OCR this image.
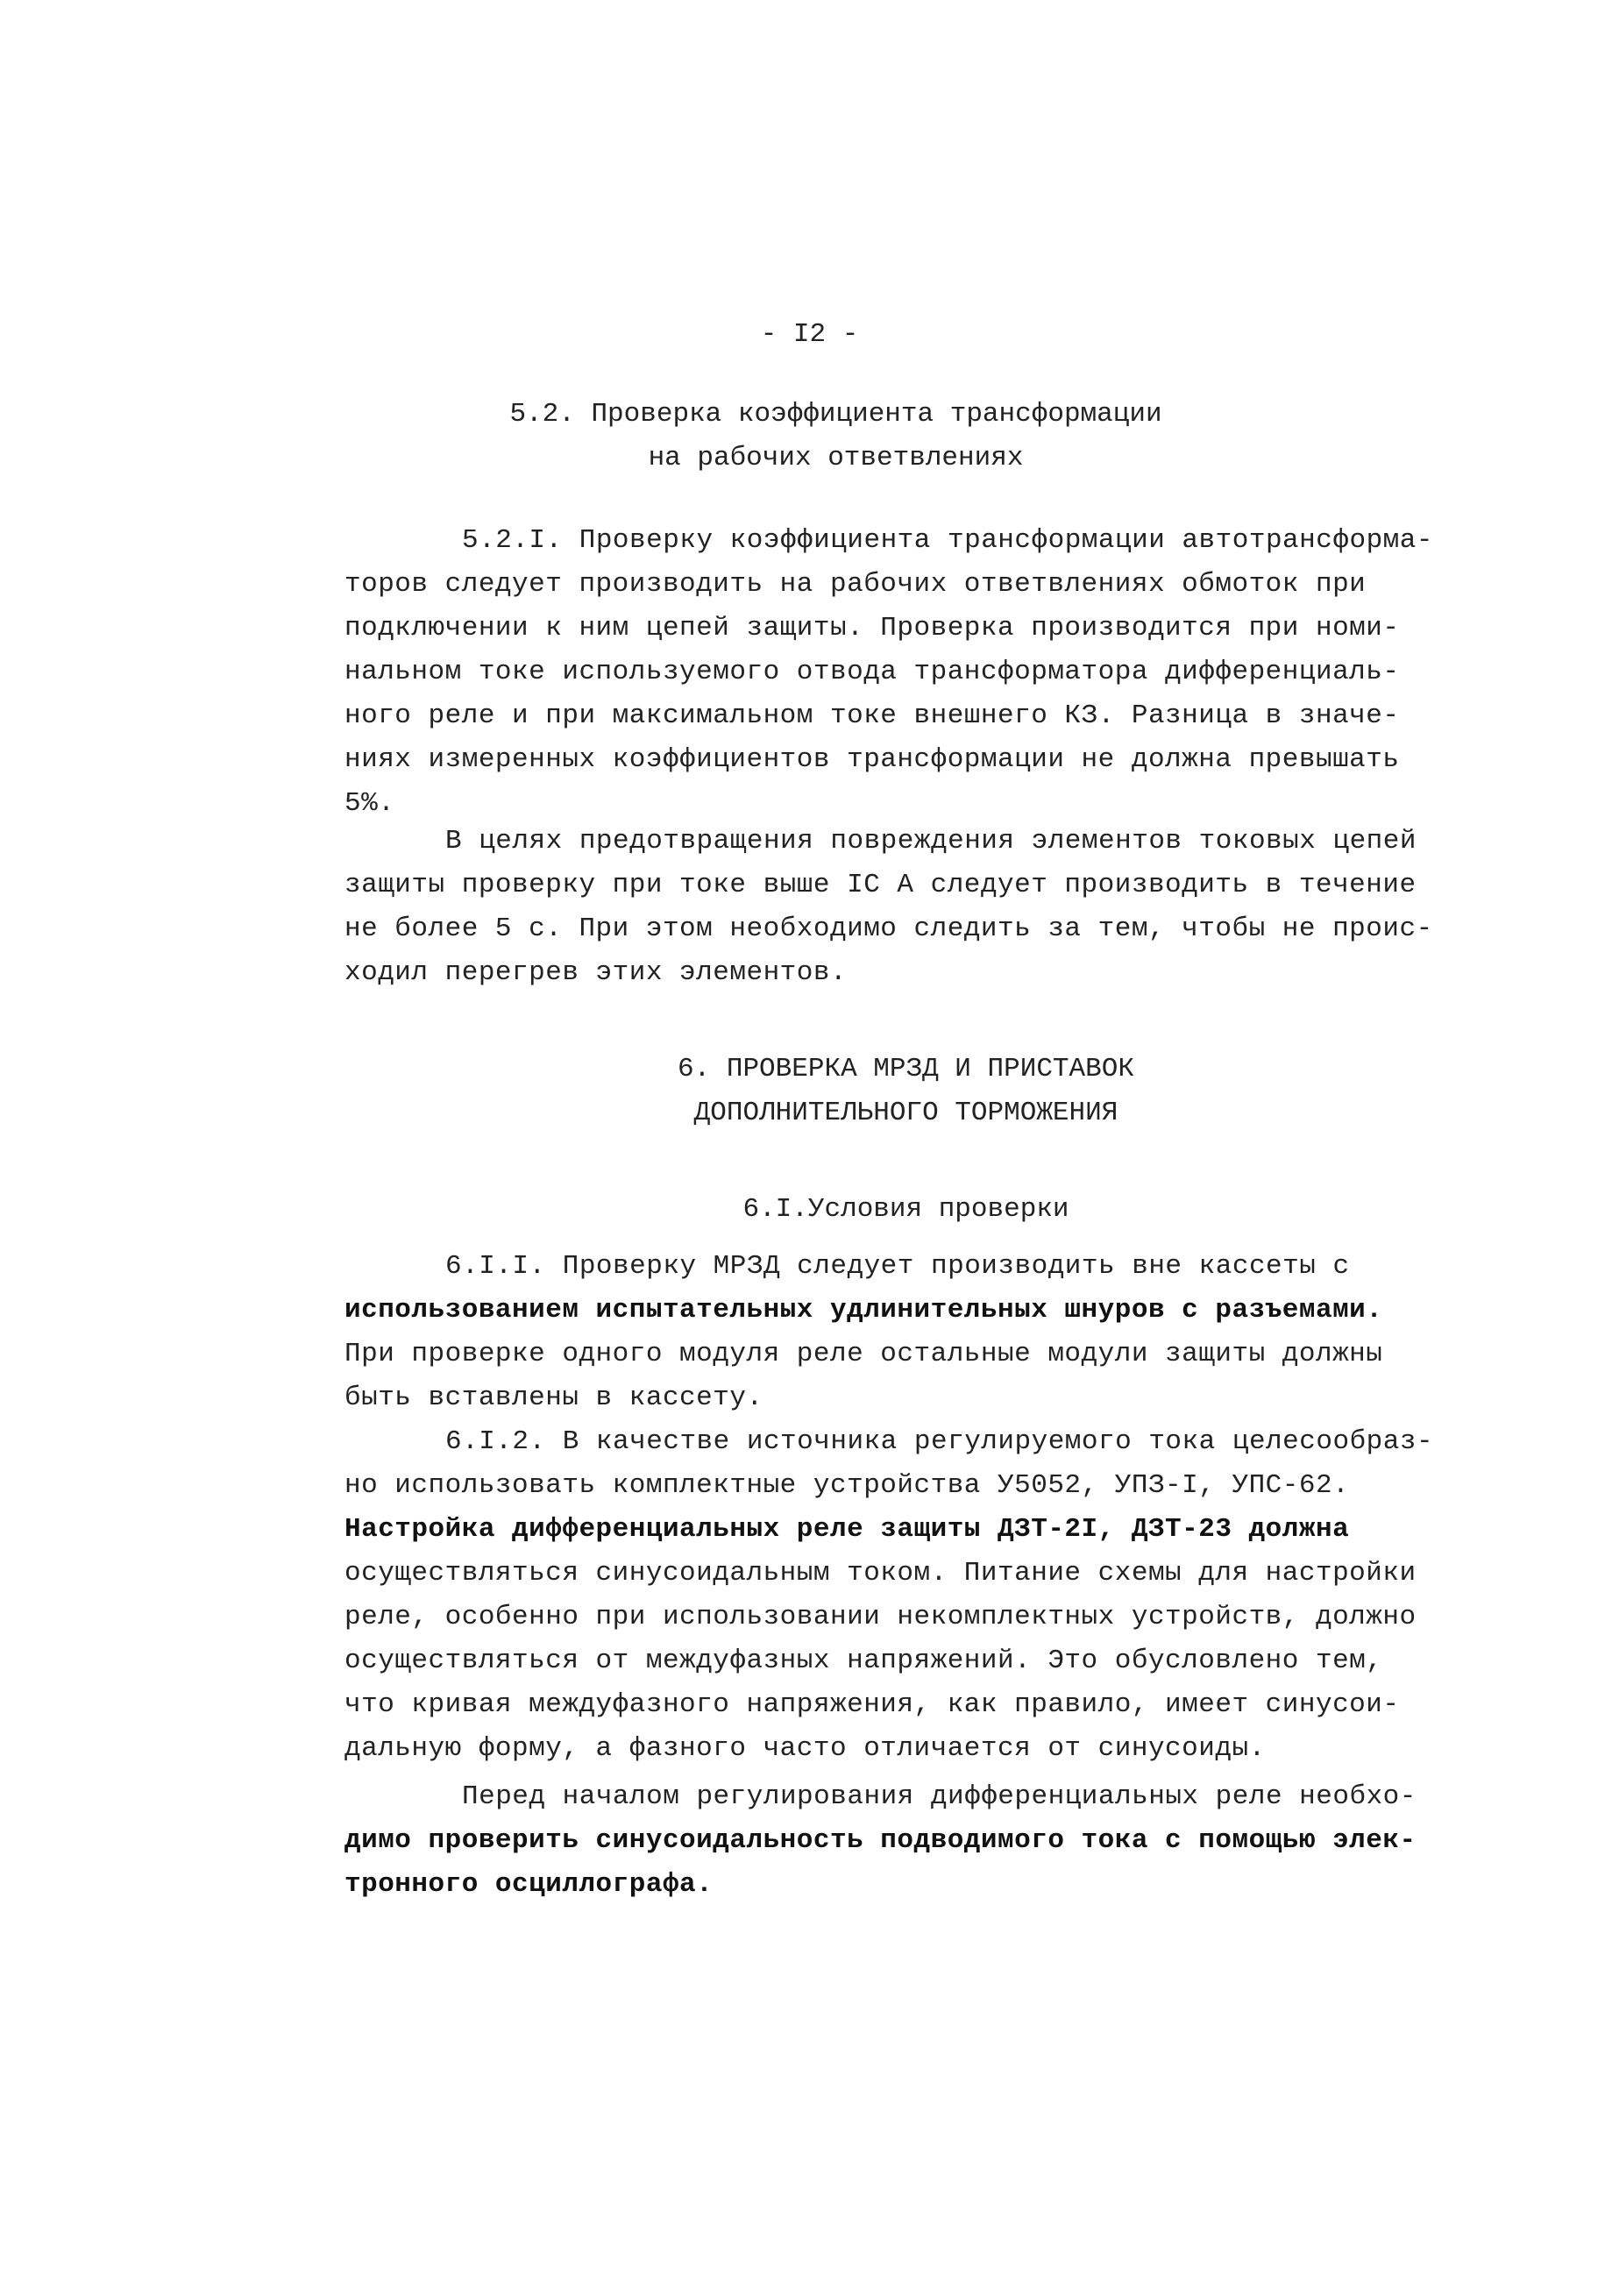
- I2 -
5.2. Проверка коэффициента трансформации
на рабочих ответвлениях
5.2.I. Проверку коэффициента трансформации автотрансформа-
торов следует производить на рабочих ответвлениях обмоток при
подключении к ним цепей защиты. Проверка производится при номи-
нальном токе используемого отвода трансформатора дифференциаль-
ного реле и при максимальном токе внешнего КЗ. Разница в значе-
ниях измеренных коэффициентов трансформации не должна превышать
5%.
В целях предотвращения повреждения элементов токовых цепей
защиты проверку при токе выше IC А следует производить в течение
не более 5 с. При этом необходимо следить за тем, чтобы не проис-
ходил перегрев этих элементов.
6. ПРОВЕРКА МРЗД И ПРИСТАВОК
ДОПОЛНИТЕЛЬНОГО ТОРМОЖЕНИЯ
6.I.Условия проверки
6.I.I. Проверку МРЗД следует производить вне кассеты с
использованием испытательных удлинительных шнуров с разъемами.
При проверке одного модуля реле остальные модули защиты должны
быть вставлены в кассету.
6.I.2. В качестве источника регулируемого тока целесообраз-
но использовать комплектные устройства У5052, УПЗ-I, УПС-62.
Настройка дифференциальных реле защиты ДЗТ-2I, ДЗТ-23 должна
осуществляться синусоидальным током. Питание схемы для настройки
реле, особенно при использовании некомплектных устройств, должно
осуществляться от междуфазных напряжений. Это обусловлено тем,
что кривая междуфазного напряжения, как правило, имеет синусои-
дальную форму, а фазного часто отличается от синусоиды.
Перед началом регулирования дифференциальных реле необхо-
димо проверить синусоидальность подводимого тока с помощью элек-
тронного осциллографа.
